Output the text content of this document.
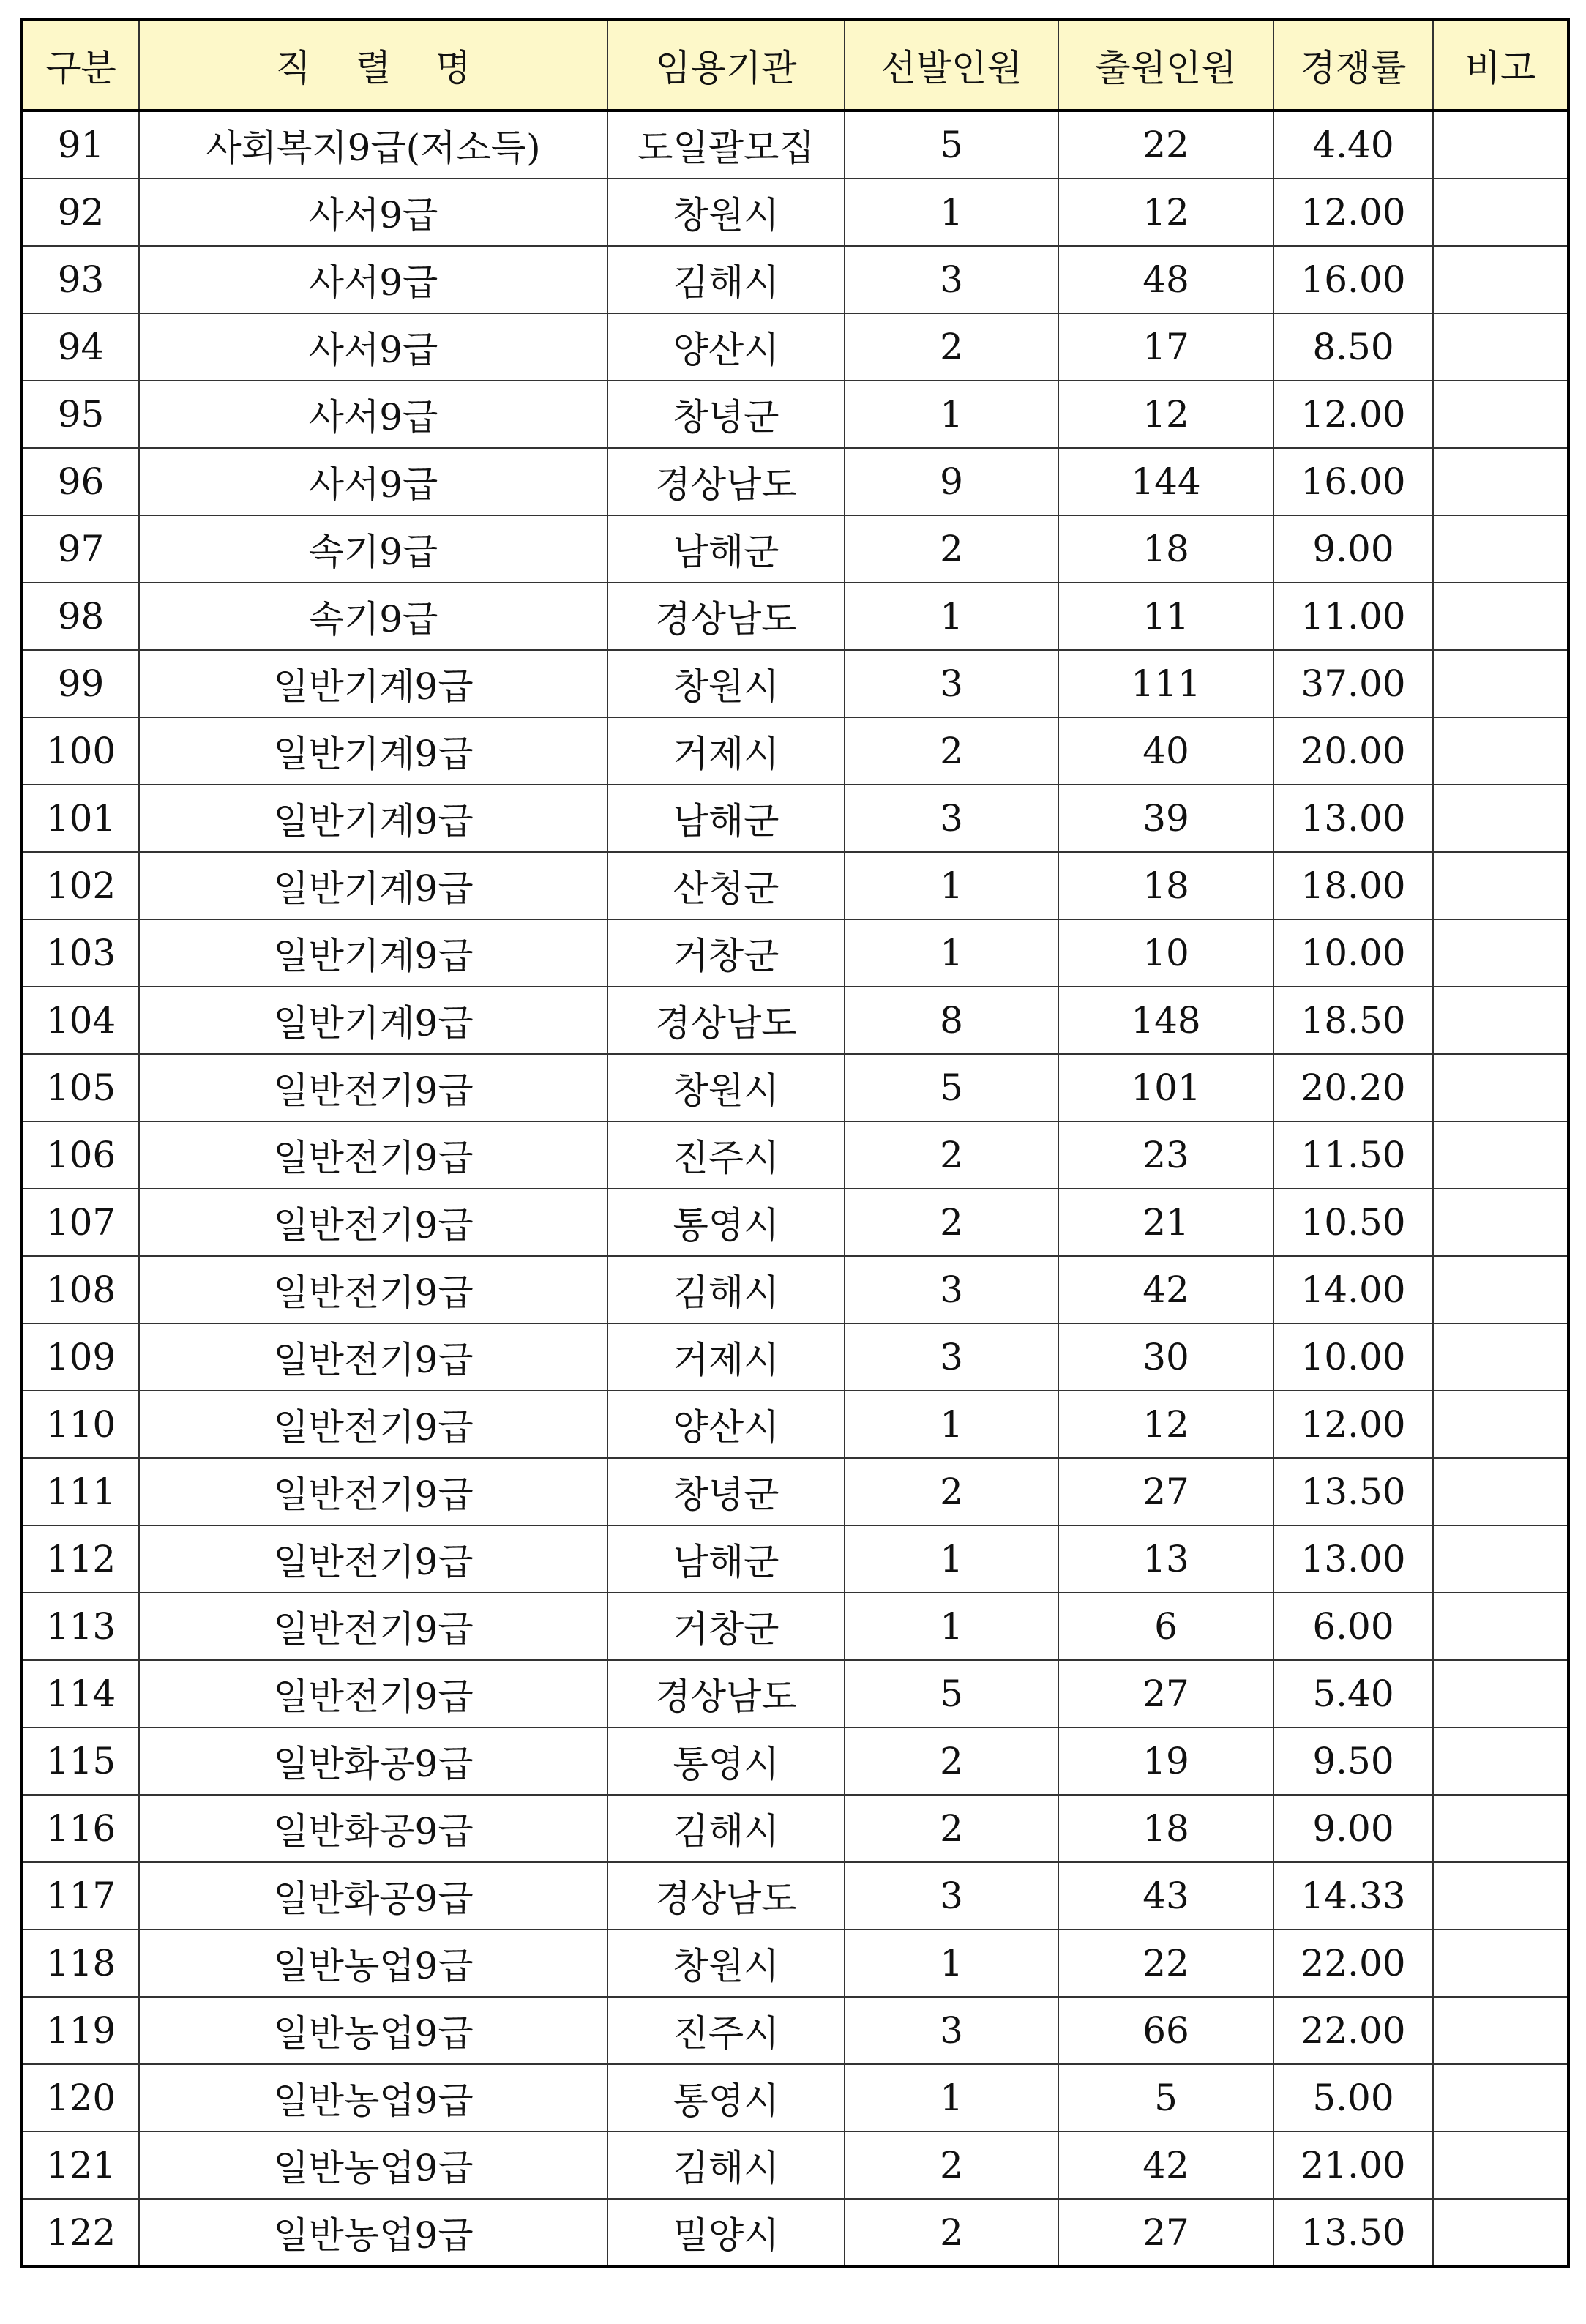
구분	직 렬 명	임용기관	선발인원	출원인원	경쟁률	비고
91	사회복지9급(저소득)	도일괄모집	5	22	4.40	
92	사서9급	창원시	1	12	12.00	
93	사서9급	김해시	3	48	16.00	
94	사서9급	양산시	2	17	8.50	
95	사서9급	창녕군	1	12	12.00	
96	사서9급	경상남도	9	144	16.00	
97	속기9급	남해군	2	18	9.00	
98	속기9급	경상남도	1	11	11.00	
99	일반기계9급	창원시	3	111	37.00	
100	일반기계9급	거제시	2	40	20.00	
101	일반기계9급	남해군	3	39	13.00	
102	일반기계9급	산청군	1	18	18.00	
103	일반기계9급	거창군	1	10	10.00	
104	일반기계9급	경상남도	8	148	18.50	
105	일반전기9급	창원시	5	101	20.20	
106	일반전기9급	진주시	2	23	11.50	
107	일반전기9급	통영시	2	21	10.50	
108	일반전기9급	김해시	3	42	14.00	
109	일반전기9급	거제시	3	30	10.00	
110	일반전기9급	양산시	1	12	12.00	
111	일반전기9급	창녕군	2	27	13.50	
112	일반전기9급	남해군	1	13	13.00	
113	일반전기9급	거창군	1	6	6.00	
114	일반전기9급	경상남도	5	27	5.40	
115	일반화공9급	통영시	2	19	9.50	
116	일반화공9급	김해시	2	18	9.00	
117	일반화공9급	경상남도	3	43	14.33	
118	일반농업9급	창원시	1	22	22.00	
119	일반농업9급	진주시	3	66	22.00	
120	일반농업9급	통영시	1	5	5.00	
121	일반농업9급	김해시	2	42	21.00	
122	일반농업9급	밀양시	2	27	13.50	
